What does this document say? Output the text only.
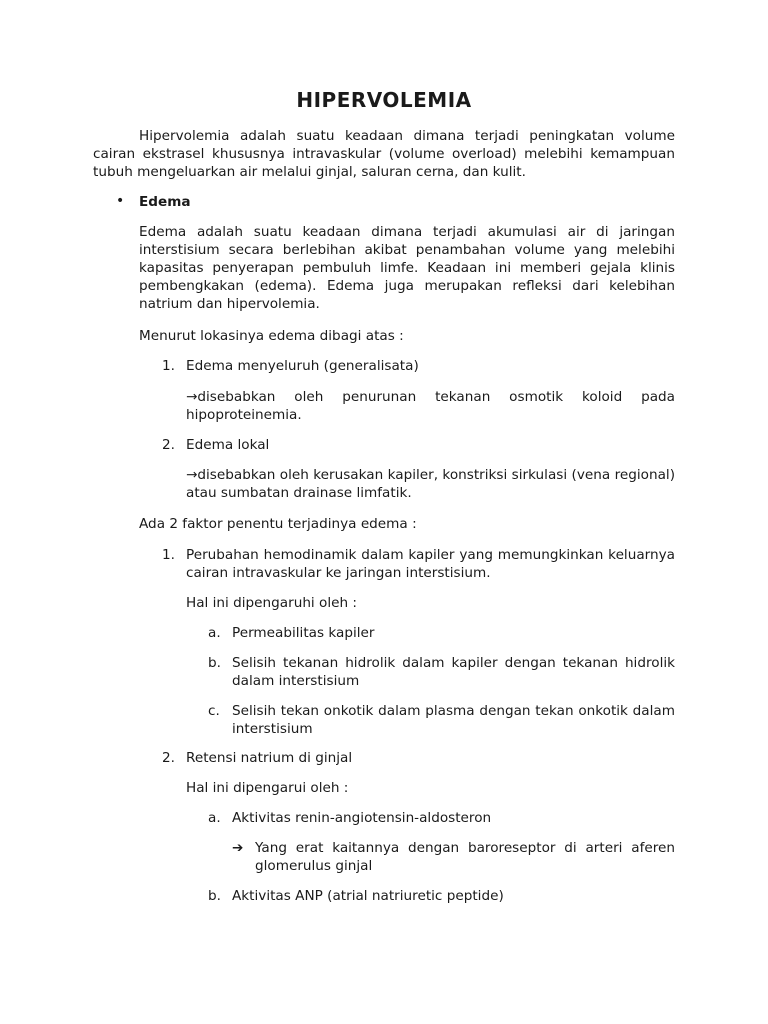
HIPERVOLEMIA
Hipervolemia adalah suatu keadaan dimana terjadi peningkatan volume cairan ekstrasel khususnya intravaskular (volume overload) melebihi kemampuan tubuh mengeluarkan air melalui ginjal, saluran cerna, dan kulit.
• Edema
Edema adalah suatu keadaan dimana terjadi akumulasi air di jaringan interstisium secara berlebihan akibat penambahan volume yang melebihi kapasitas penyerapan pembuluh limfe. Keadaan ini memberi gejala klinis pembengkakan (edema). Edema juga merupakan refleksi dari kelebihan natrium dan hipervolemia.
Menurut lokasinya edema dibagi atas :
1. Edema menyeluruh (generalisata)
→disebabkan oleh penurunan tekanan osmotik koloid pada hipoproteinemia.
2. Edema lokal
→disebabkan oleh kerusakan kapiler, konstriksi sirkulasi (vena regional) atau sumbatan drainase limfatik.
Ada 2 faktor penentu terjadinya edema :
1. Perubahan hemodinamik dalam kapiler yang memungkinkan keluarnya cairan intravaskular ke jaringan interstisium.
Hal ini dipengaruhi oleh :
a. Permeabilitas kapiler
b. Selisih tekanan hidrolik dalam kapiler dengan tekanan hidrolik dalam interstisium
c. Selisih tekan onkotik dalam plasma dengan tekan onkotik dalam interstisium
2. Retensi natrium di ginjal
Hal ini dipengarui oleh :
a. Aktivitas renin-angiotensin-aldosteron
➔ Yang erat kaitannya dengan baroreseptor di arteri aferen glomerulus ginjal
b. Aktivitas ANP (atrial natriuretic peptide)
